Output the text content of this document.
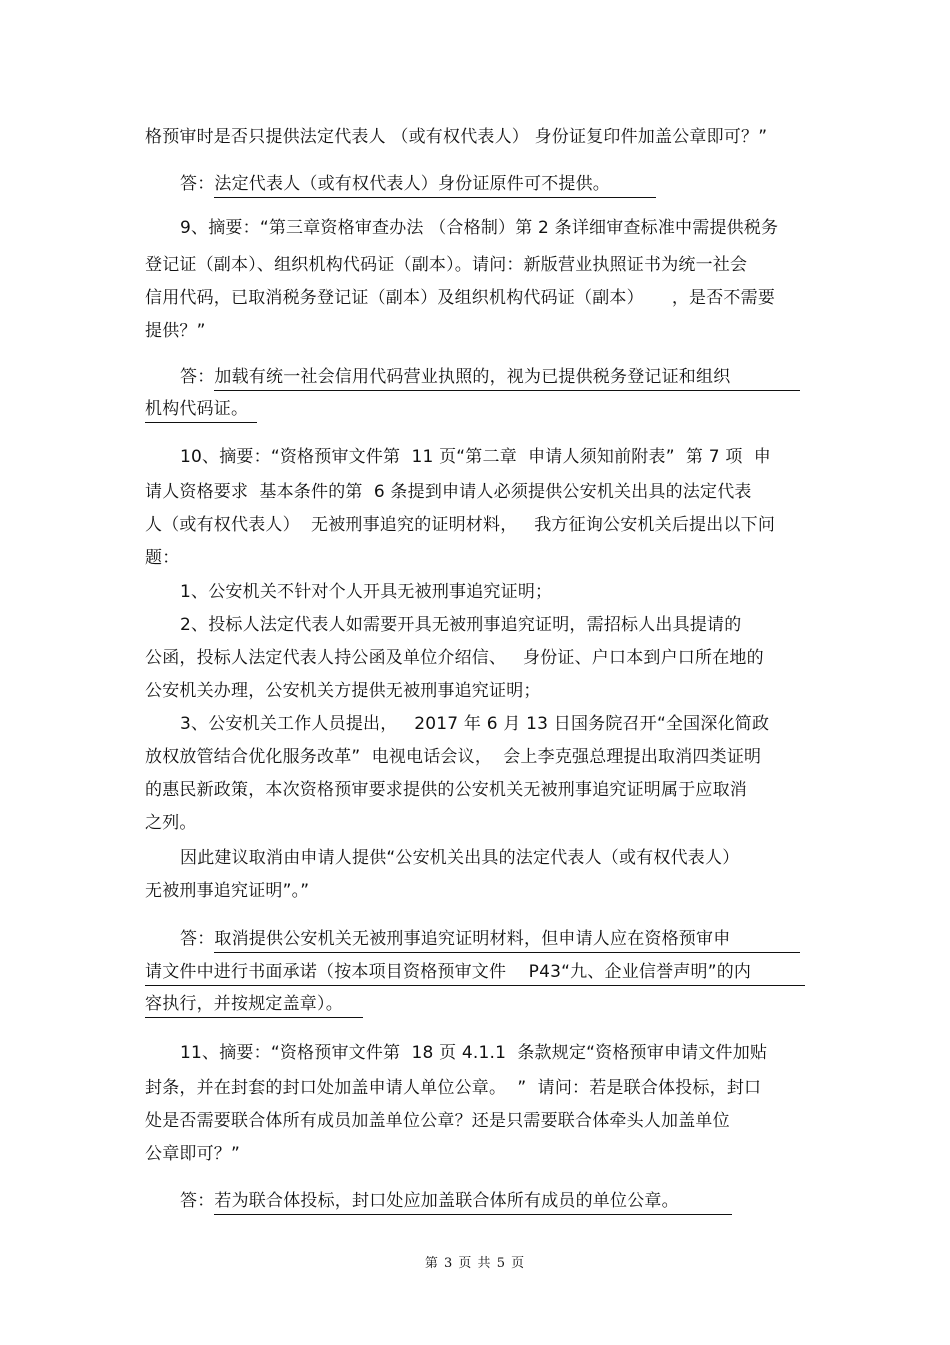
格预审时是否只提供法定代表人 （或有权代表人） 身份证复印件加盖公章即可？”
答：法定代表人（或有权代表人）身份证原件可不提供。
9、摘要：“第三章资格审查办法 （合格制）第 2 条详细审查标准中需提供税务
登记证（副本）、组织机构代码证（副本）。请问：新版营业执照证书为统一社会
信用代码，已取消税务登记证（副本）及组织机构代码证（副本）     ，是否不需要
提供？”
答：加载有统一社会信用代码营业执照的，视为已提供税务登记证和组织
机构代码证。
10、摘要：“资格预审文件第  11 页“第二章  申请人须知前附表”  第 7 项  申
请人资格要求  基本条件的第  6 条提到申请人必须提供公安机关出具的法定代表
人（或有权代表人）  无被刑事追究的证明材料，   我方征询公安机关后提出以下问
题：
1、公安机关不针对个人开具无被刑事追究证明；
2、投标人法定代表人如需要开具无被刑事追究证明，需招标人出具提请的
公函，投标人法定代表人持公函及单位介绍信、   身份证、户口本到户口所在地的
公安机关办理，公安机关方提供无被刑事追究证明；
3、公安机关工作人员提出，   2017 年 6 月 13 日国务院召开“全国深化简政
放权放管结合优化服务改革”  电视电话会议，  会上李克强总理提出取消四类证明
的惠民新政策，本次资格预审要求提供的公安机关无被刑事追究证明属于应取消
之列。
因此建议取消由申请人提供“公安机关出具的法定代表人（或有权代表人）
无被刑事追究证明”。”
答：取消提供公安机关无被刑事追究证明材料，但申请人应在资格预审申
请文件中进行书面承诺（按本项目资格预审文件    P43“九、企业信誉声明”的内
容执行，并按规定盖章）。
11、摘要：“资格预审文件第  18 页 4.1.1  条款规定“资格预审申请文件加贴
封条，并在封套的封口处加盖申请人单位公章。  ”  请问：若是联合体投标，封口
处是否需要联合体所有成员加盖单位公章？还是只需要联合体牵头人加盖单位
公章即可？”
答：若为联合体投标，封口处应加盖联合体所有成员的单位公章。
第 3 页 共 5 页
